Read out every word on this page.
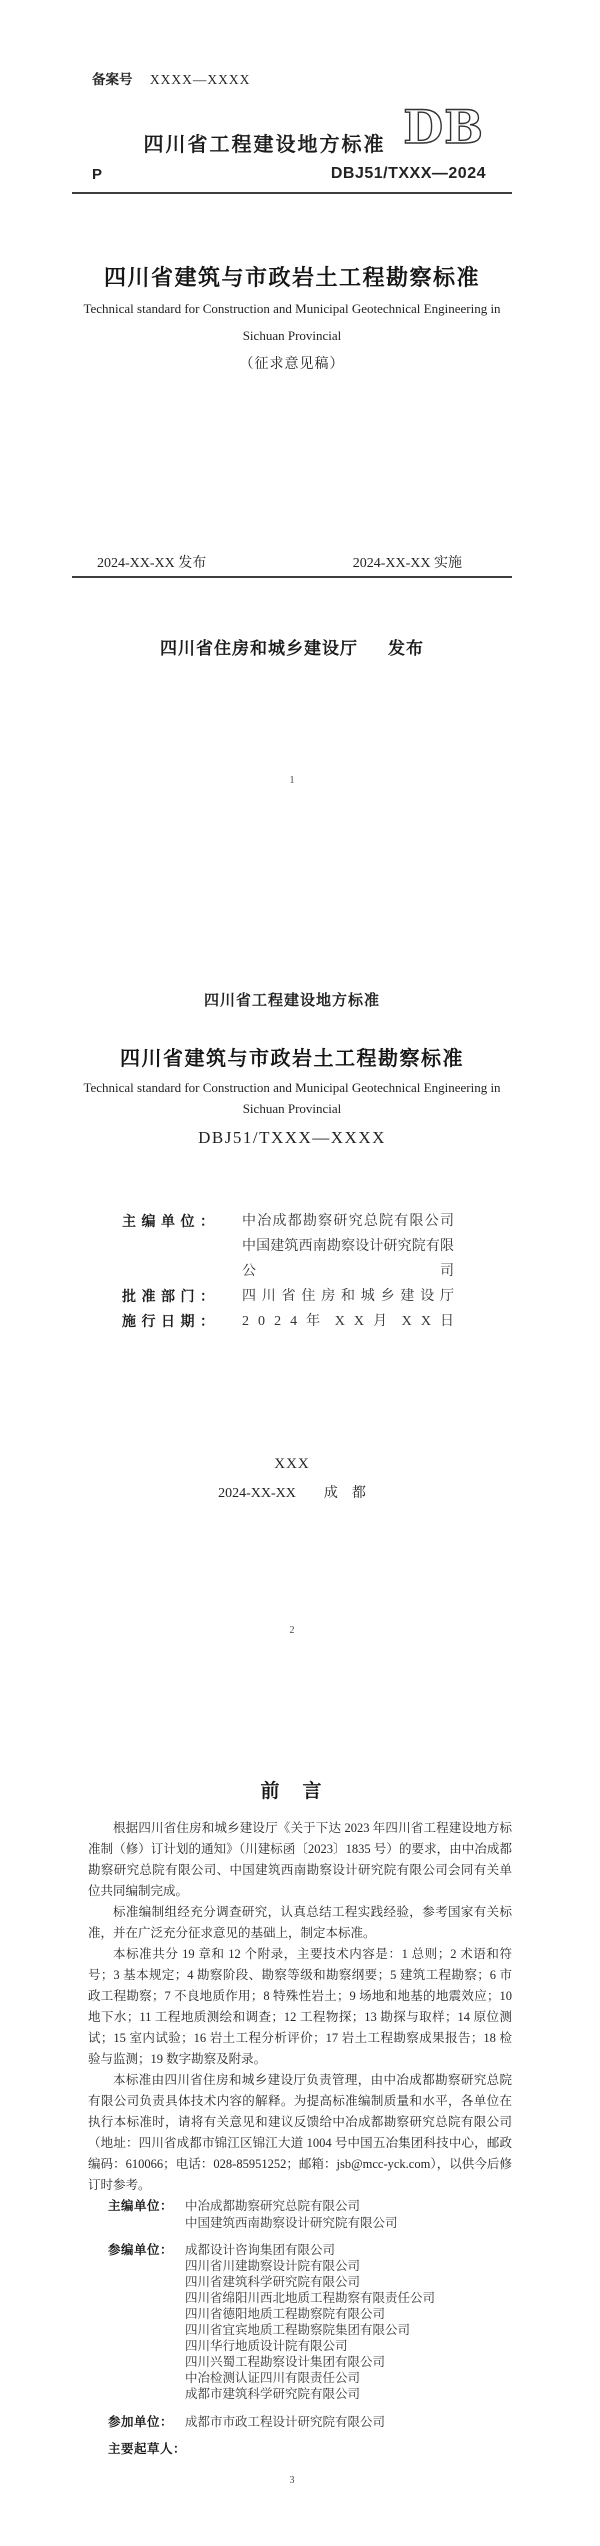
备案号 XXXX—XXXX
四川省工程建设地方标准 DB
P	DBJ51/TXXX—2024
四川省建筑与市政岩土工程勘察标准
Technical standard for Construction and Municipal Geotechnical Engineering in
Sichuan Provincial
（征求意见稿）
2024-XX-XX 发布	2024-XX-XX 实施
四川省住房和城乡建设厅 发布
1
四川省工程建设地方标准
四川省建筑与市政岩土工程勘察标准
Technical standard for Construction and Municipal Geotechnical Engineering in
Sichuan Provincial
DBJ51/TXXX—XXXX
主编单位： 中冶成都勘察研究总院有限公司
中国建筑西南勘察设计研究院有限公司
批准部门： 四川省住房和城乡建设厅
施行日期： 2 0 2 4 年 X X 月 X X 日
XXX
2024-XX-XX　　成　都
2
前　言

根据四川省住房和城乡建设厅《关于下达 2023 年四川省工程建设地方标准制（修）订计划的通知》（川建标函〔2023〕1835 号）的要求，由中冶成都勘察研究总院有限公司、中国建筑西南勘察设计研究院有限公司会同有关单位共同编制完成。

标准编制组经充分调查研究，认真总结工程实践经验，参考国家有关标准，并在广泛充分征求意见的基础上，制定本标准。

本标准共分 19 章和 12 个附录，主要技术内容是：1 总则；2 术语和符号；3 基本规定；4 勘察阶段、勘察等级和勘察纲要；5 建筑工程勘察；6 市政工程勘察；7 不良地质作用；8 特殊性岩土；9 场地和地基的地震效应；10 地下水；11 工程地质测绘和调查；12 工程物探；13 勘探与取样；14 原位测试；15 室内试验；16 岩土工程分析评价；17 岩土工程勘察成果报告；18 检验与监测；19 数字勘察及附录。

本标准由四川省住房和城乡建设厅负责管理，由中冶成都勘察研究总院有限公司负责具体技术内容的解释。为提高标准编制质量和水平，各单位在执行本标准时，请将有关意见和建议反馈给中冶成都勘察研究总院有限公司（地址：四川省成都市锦江区锦江大道 1004 号中国五冶集团科技中心，邮政编码：610066；电话：028-85951252；邮箱：jsb@mcc-yck.com），以供今后修订时参考。

主编单位： 中冶成都勘察研究总院有限公司
中国建筑西南勘察设计研究院有限公司
参编单位： 成都设计咨询集团有限公司
四川省川建勘察设计院有限公司
四川省建筑科学研究院有限公司
四川省绵阳川西北地质工程勘察有限责任公司
四川省德阳地质工程勘察院有限公司
四川省宜宾地质工程勘察院集团有限公司
四川华行地质设计院有限公司
四川兴蜀工程勘察设计集团有限公司
中冶检测认证四川有限责任公司
成都市建筑科学研究院有限公司
参加单位： 成都市市政工程设计研究院有限公司
主要起草人：
3
